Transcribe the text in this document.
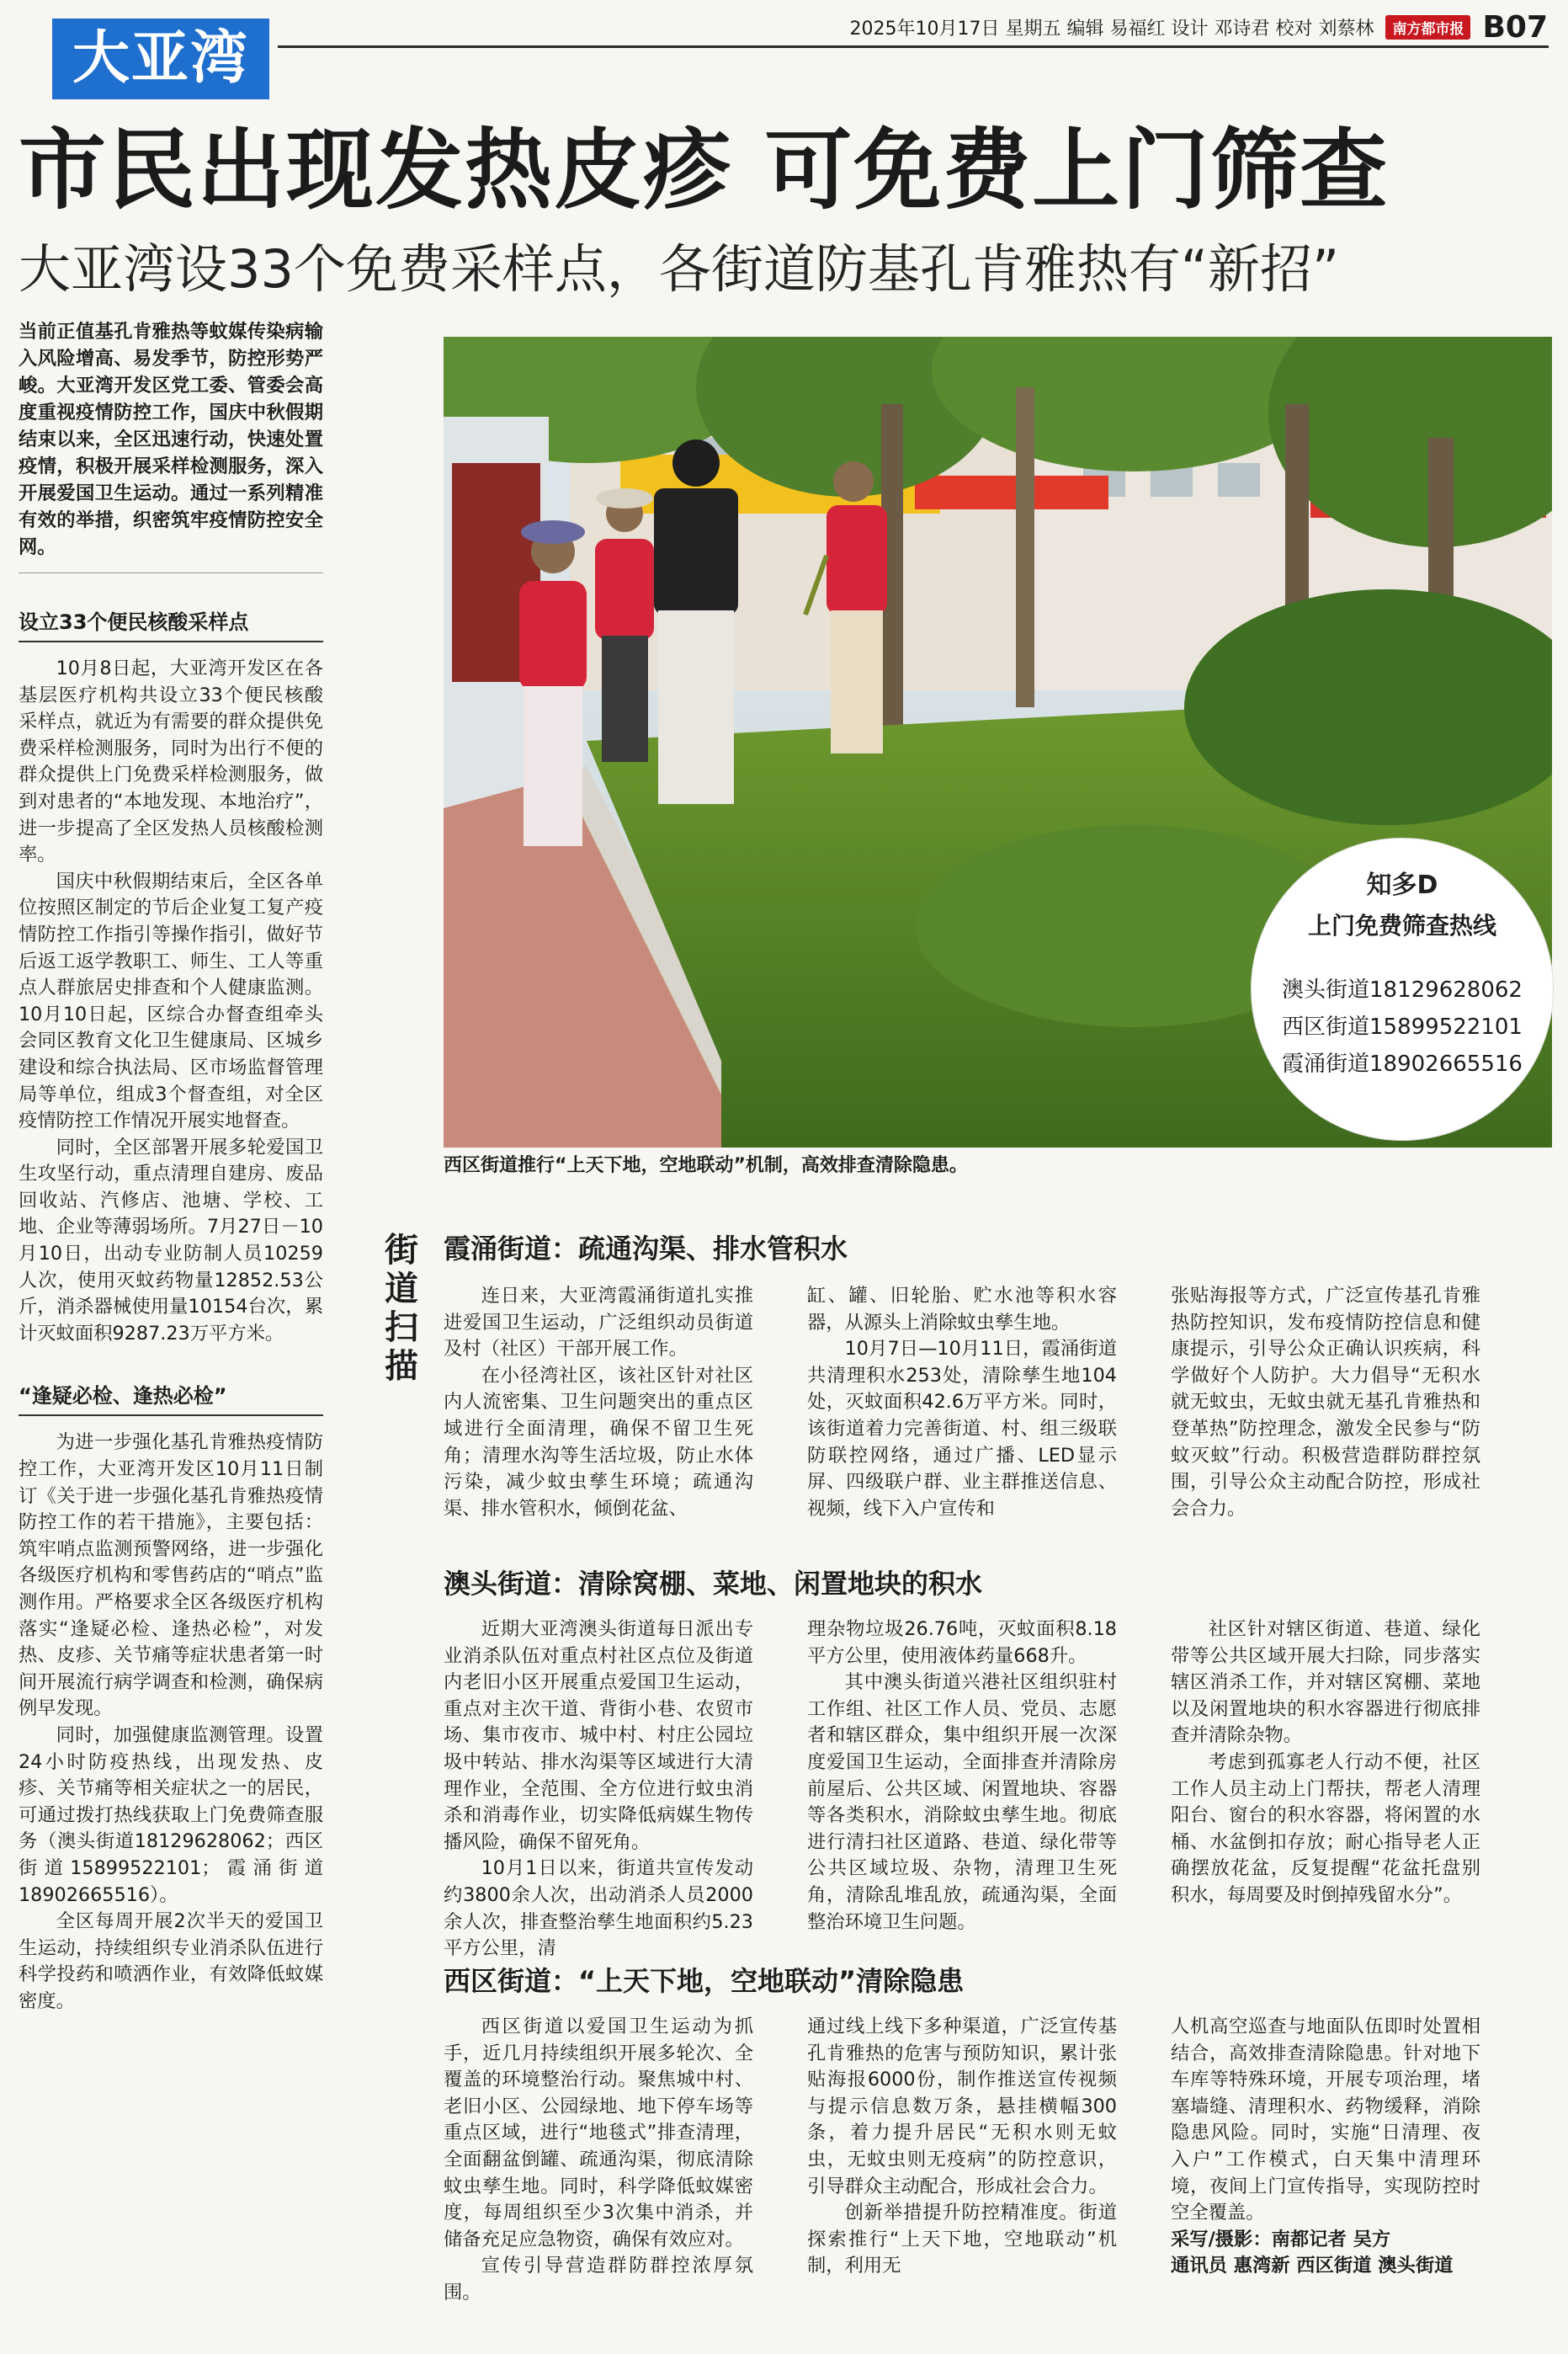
大亚湾	2025年10月17日 星期五 编辑 易福红 设计 邓诗君 校对 刘蔡林	南方都市报 B07
市民出现发热皮疹 可免费上门筛查
大亚湾设33个免费采样点，各街道防基孔肯雅热有“新招”

当前正值基孔肯雅热等蚊媒传染病输入风险增高、易发季节，防控形势严峻。大亚湾开发区党工委、管委会高度重视疫情防控工作，国庆中秋假期结束以来，全区迅速行动，快速处置疫情，积极开展采样检测服务，深入开展爱国卫生运动。通过一系列精准有效的举措，织密筑牢疫情防控安全网。

设立33个便民核酸采样点

10月8日起，大亚湾开发区在各基层医疗机构共设立33个便民核酸采样点，就近为有需要的群众提供免费采样检测服务，同时为出行不便的群众提供上门免费采样检测服务，做到对患者的“本地发现、本地治疗”，进一步提高了全区发热人员核酸检测率。

国庆中秋假期结束后，全区各单位按照区制定的节后企业复工复产疫情防控工作指引等操作指引，做好节后返工返学教职工、师生、工人等重点人群旅居史排查和个人健康监测。10月10日起，区综合办督查组牵头会同区教育文化卫生健康局、区城乡建设和综合执法局、区市场监督管理局等单位，组成3个督查组，对全区疫情防控工作情况开展实地督查。

同时，全区部署开展多轮爱国卫生攻坚行动，重点清理自建房、废品回收站、汽修店、池塘、学校、工地、企业等薄弱场所。7月27日－10月10日，出动专业防制人员10259人次，使用灭蚊药物量12852.53公斤，消杀器械使用量10154台次，累计灭蚊面积9287.23万平方米。

“逢疑必检、逢热必检”

为进一步强化基孔肯雅热疫情防控工作，大亚湾开发区10月11日制订《关于进一步强化基孔肯雅热疫情防控工作的若干措施》，主要包括：筑牢哨点监测预警网络，进一步强化各级医疗机构和零售药店的“哨点”监测作用。严格要求全区各级医疗机构落实“逢疑必检、逢热必检”，对发热、皮疹、关节痛等症状患者第一时间开展流行病学调查和检测，确保病例早发现。

同时，加强健康监测管理。设置24小时防疫热线，出现发热、皮疹、关节痛等相关症状之一的居民，可通过拨打热线获取上门免费筛查服务（澳头街道18129628062；西区街道15899522101；霞涌街道18902665516）。

全区每周开展2次半天的爱国卫生运动，持续组织专业消杀队伍进行科学投药和喷洒作业，有效降低蚊媒密度。

知多D
上门免费筛查热线
澳头街道18129628062
西区街道15899522101
霞涌街道18902665516
西区街道推行“上天下地，空地联动”机制，高效排查清除隐患。
街道扫描
霞涌街道：疏通沟渠、排水管积水

连日来，大亚湾霞涌街道扎实推进爱国卫生运动，广泛组织动员街道及村（社区）干部开展工作。

在小径湾社区，该社区针对社区内人流密集、卫生问题突出的重点区域进行全面清理，确保不留卫生死角；清理水沟等生活垃圾，防止水体污染，减少蚊虫孳生环境；疏通沟渠、排水管积水，倾倒花盆、

缸、罐、旧轮胎、贮水池等积水容器，从源头上消除蚊虫孳生地。

10月7日—10月11日，霞涌街道共清理积水253处，清除孳生地104处，灭蚊面积42.6万平方米。同时，该街道着力完善街道、村、组三级联防联控网络，通过广播、LED显示屏、四级联户群、业主群推送信息、视频，线下入户宣传和

张贴海报等方式，广泛宣传基孔肯雅热防控知识，发布疫情防控信息和健康提示，引导公众正确认识疾病，科学做好个人防护。大力倡导“无积水就无蚊虫，无蚊虫就无基孔肯雅热和登革热”防控理念，激发全民参与“防蚊灭蚊”行动。积极营造群防群控氛围，引导公众主动配合防控，形成社会合力。

澳头街道：清除窝棚、菜地、闲置地块的积水

近期大亚湾澳头街道每日派出专业消杀队伍对重点村社区点位及街道内老旧小区开展重点爱国卫生运动，重点对主次干道、背街小巷、农贸市场、集市夜市、城中村、村庄公园垃圾中转站、排水沟渠等区域进行大清理作业，全范围、全方位进行蚊虫消杀和消毒作业，切实降低病媒生物传播风险，确保不留死角。

10月1日以来，街道共宣传发动约3800余人次，出动消杀人员2000余人次，排查整治孳生地面积约5.23平方公里，清

理杂物垃圾26.76吨，灭蚊面积8.18平方公里，使用液体药量668升。

其中澳头街道兴港社区组织驻村工作组、社区工作人员、党员、志愿者和辖区群众，集中组织开展一次深度爱国卫生运动，全面排查并清除房前屋后、公共区域、闲置地块、容器等各类积水，消除蚊虫孳生地。彻底进行清扫社区道路、巷道、绿化带等公共区域垃圾、杂物，清理卫生死角，清除乱堆乱放，疏通沟渠，全面整治环境卫生问题。

社区针对辖区街道、巷道、绿化带等公共区域开展大扫除，同步落实辖区消杀工作，并对辖区窝棚、菜地以及闲置地块的积水容器进行彻底排查并清除杂物。

考虑到孤寡老人行动不便，社区工作人员主动上门帮扶，帮老人清理阳台、窗台的积水容器，将闲置的水桶、水盆倒扣存放；耐心指导老人正确摆放花盆，反复提醒“花盆托盘别积水，每周要及时倒掉残留水分”。

西区街道：“上天下地，空地联动”清除隐患

西区街道以爱国卫生运动为抓手，近几月持续组织开展多轮次、全覆盖的环境整治行动。聚焦城中村、老旧小区、公园绿地、地下停车场等重点区域，进行“地毯式”排查清理，全面翻盆倒罐、疏通沟渠，彻底清除蚊虫孳生地。同时，科学降低蚊媒密度，每周组织至少3次集中消杀，并储备充足应急物资，确保有效应对。

宣传引导营造群防群控浓厚氛围。

通过线上线下多种渠道，广泛宣传基孔肯雅热的危害与预防知识，累计张贴海报6000份，制作推送宣传视频与提示信息数万条，悬挂横幅300条，着力提升居民“无积水则无蚊虫，无蚊虫则无疫病”的防控意识，引导群众主动配合，形成社会合力。

创新举措提升防控精准度。街道探索推行“上天下地，空地联动”机制，利用无

人机高空巡查与地面队伍即时处置相结合，高效排查清除隐患。针对地下车库等特殊环境，开展专项治理，堵塞墙缝、清理积水、药物缓释，消除隐患风险。同时，实施“日清理、夜入户”工作模式，白天集中清理环境，夜间上门宣传指导，实现防控时空全覆盖。

采写/摄影：南都记者 吴方
通讯员 惠湾新 西区街道 澳头街道
